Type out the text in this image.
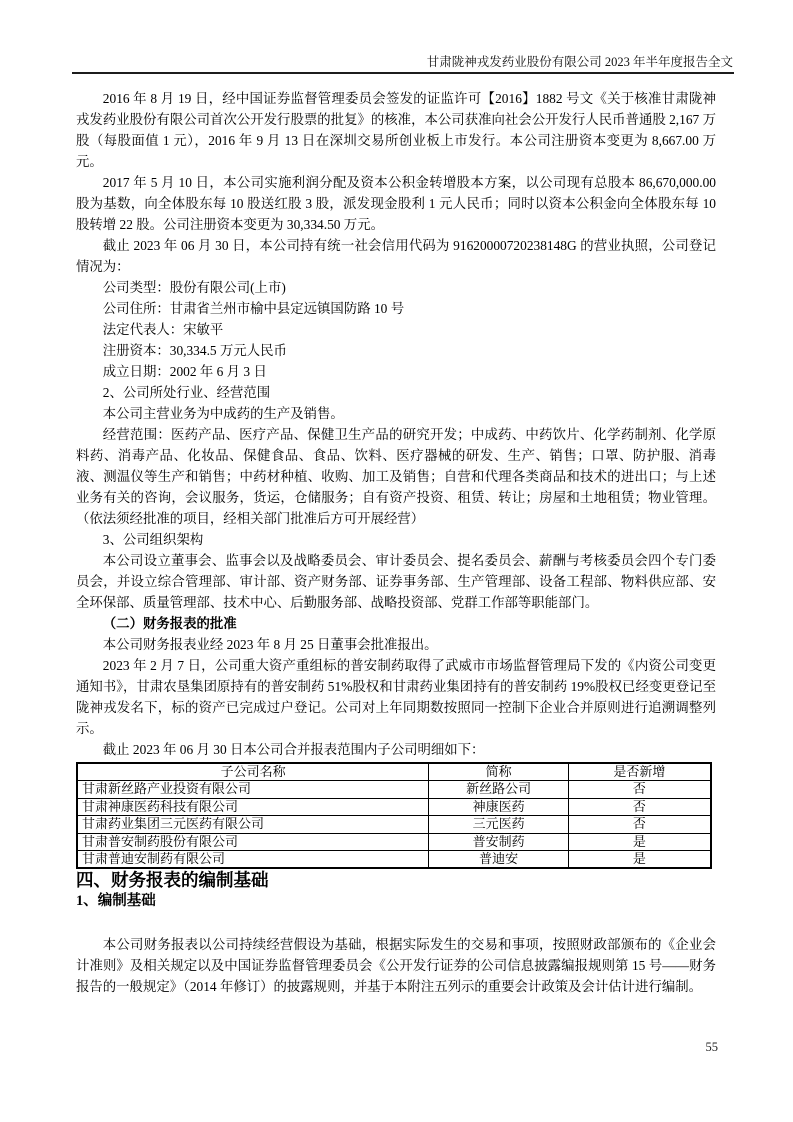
甘肃陇神戎发药业股份有限公司 2023 年半年度报告全文

2016 年 8 月 19 日，经中国证券监督管理委员会签发的证监许可【2016】1882 号文《关于核准甘肃陇神戎发药业股份有限公司首次公开发行股票的批复》的核准，本公司获准向社会公开发行人民币普通股 2,167 万股（每股面值 1 元），2016 年 9 月 13 日在深圳交易所创业板上市发行。本公司注册资本变更为 8,667.00 万元。

2017 年 5 月 10 日，本公司实施利润分配及资本公积金转增股本方案，以公司现有总股本 86,670,000.00 股为基数，向全体股东每 10 股送红股 3 股，派发现金股利 1 元人民币；同时以资本公积金向全体股东每 10 股转增 22 股。公司注册资本变更为 30,334.50 万元。

截止 2023 年 06 月 30 日，本公司持有统一社会信用代码为 91620000720238148G 的营业执照，公司登记情况为：

公司类型：股份有限公司(上市)

公司住所：甘肃省兰州市榆中县定远镇国防路 10 号

法定代表人：宋敏平

注册资本：30,334.5 万元人民币

成立日期：2002 年 6 月 3 日

2、公司所处行业、经营范围

本公司主营业务为中成药的生产及销售。

经营范围：医药产品、医疗产品、保健卫生产品的研究开发；中成药、中药饮片、化学药制剂、化学原料药、消毒产品、化妆品、保健食品、食品、饮料、医疗器械的研发、生产、销售；口罩、防护服、消毒液、测温仪等生产和销售；中药材种植、收购、加工及销售；自营和代理各类商品和技术的进出口；与上述业务有关的咨询，会议服务，货运，仓储服务；自有资产投资、租赁、转让；房屋和土地租赁；物业管理。（依法须经批准的项目，经相关部门批准后方可开展经营）

3、公司组织架构

本公司设立董事会、监事会以及战略委员会、审计委员会、提名委员会、薪酬与考核委员会四个专门委员会，并设立综合管理部、审计部、资产财务部、证券事务部、生产管理部、设备工程部、物料供应部、安全环保部、质量管理部、技术中心、后勤服务部、战略投资部、党群工作部等职能部门。

（二）财务报表的批准

本公司财务报表业经 2023 年 8 月 25 日董事会批准报出。

2023 年 2 月 7 日，公司重大资产重组标的普安制药取得了武威市市场监督管理局下发的《内资公司变更通知书》，甘肃农垦集团原持有的普安制药 51%股权和甘肃药业集团持有的普安制药 19%股权已经变更登记至陇神戎发名下，标的资产已完成过户登记。公司对上年同期数按照同一控制下企业合并原则进行追溯调整列示。

截止 2023 年 06 月 30 日本公司合并报表范围内子公司明细如下：

子公司名称	简称	是否新增
甘肃新丝路产业投资有限公司	新丝路公司	否
甘肃神康医药科技有限公司	神康医药	否
甘肃药业集团三元医药有限公司	三元医药	否
甘肃普安制药股份有限公司	普安制药	是
甘肃普迪安制药有限公司	普迪安	是

四、财务报表的编制基础

1、编制基础

本公司财务报表以公司持续经营假设为基础，根据实际发生的交易和事项，按照财政部颁布的《企业会计准则》及相关规定以及中国证券监督管理委员会《公开发行证券的公司信息披露编报规则第 15 号——财务报告的一般规定》（2014 年修订）的披露规则，并基于本附注五列示的重要会计政策及会计估计进行编制。

55
